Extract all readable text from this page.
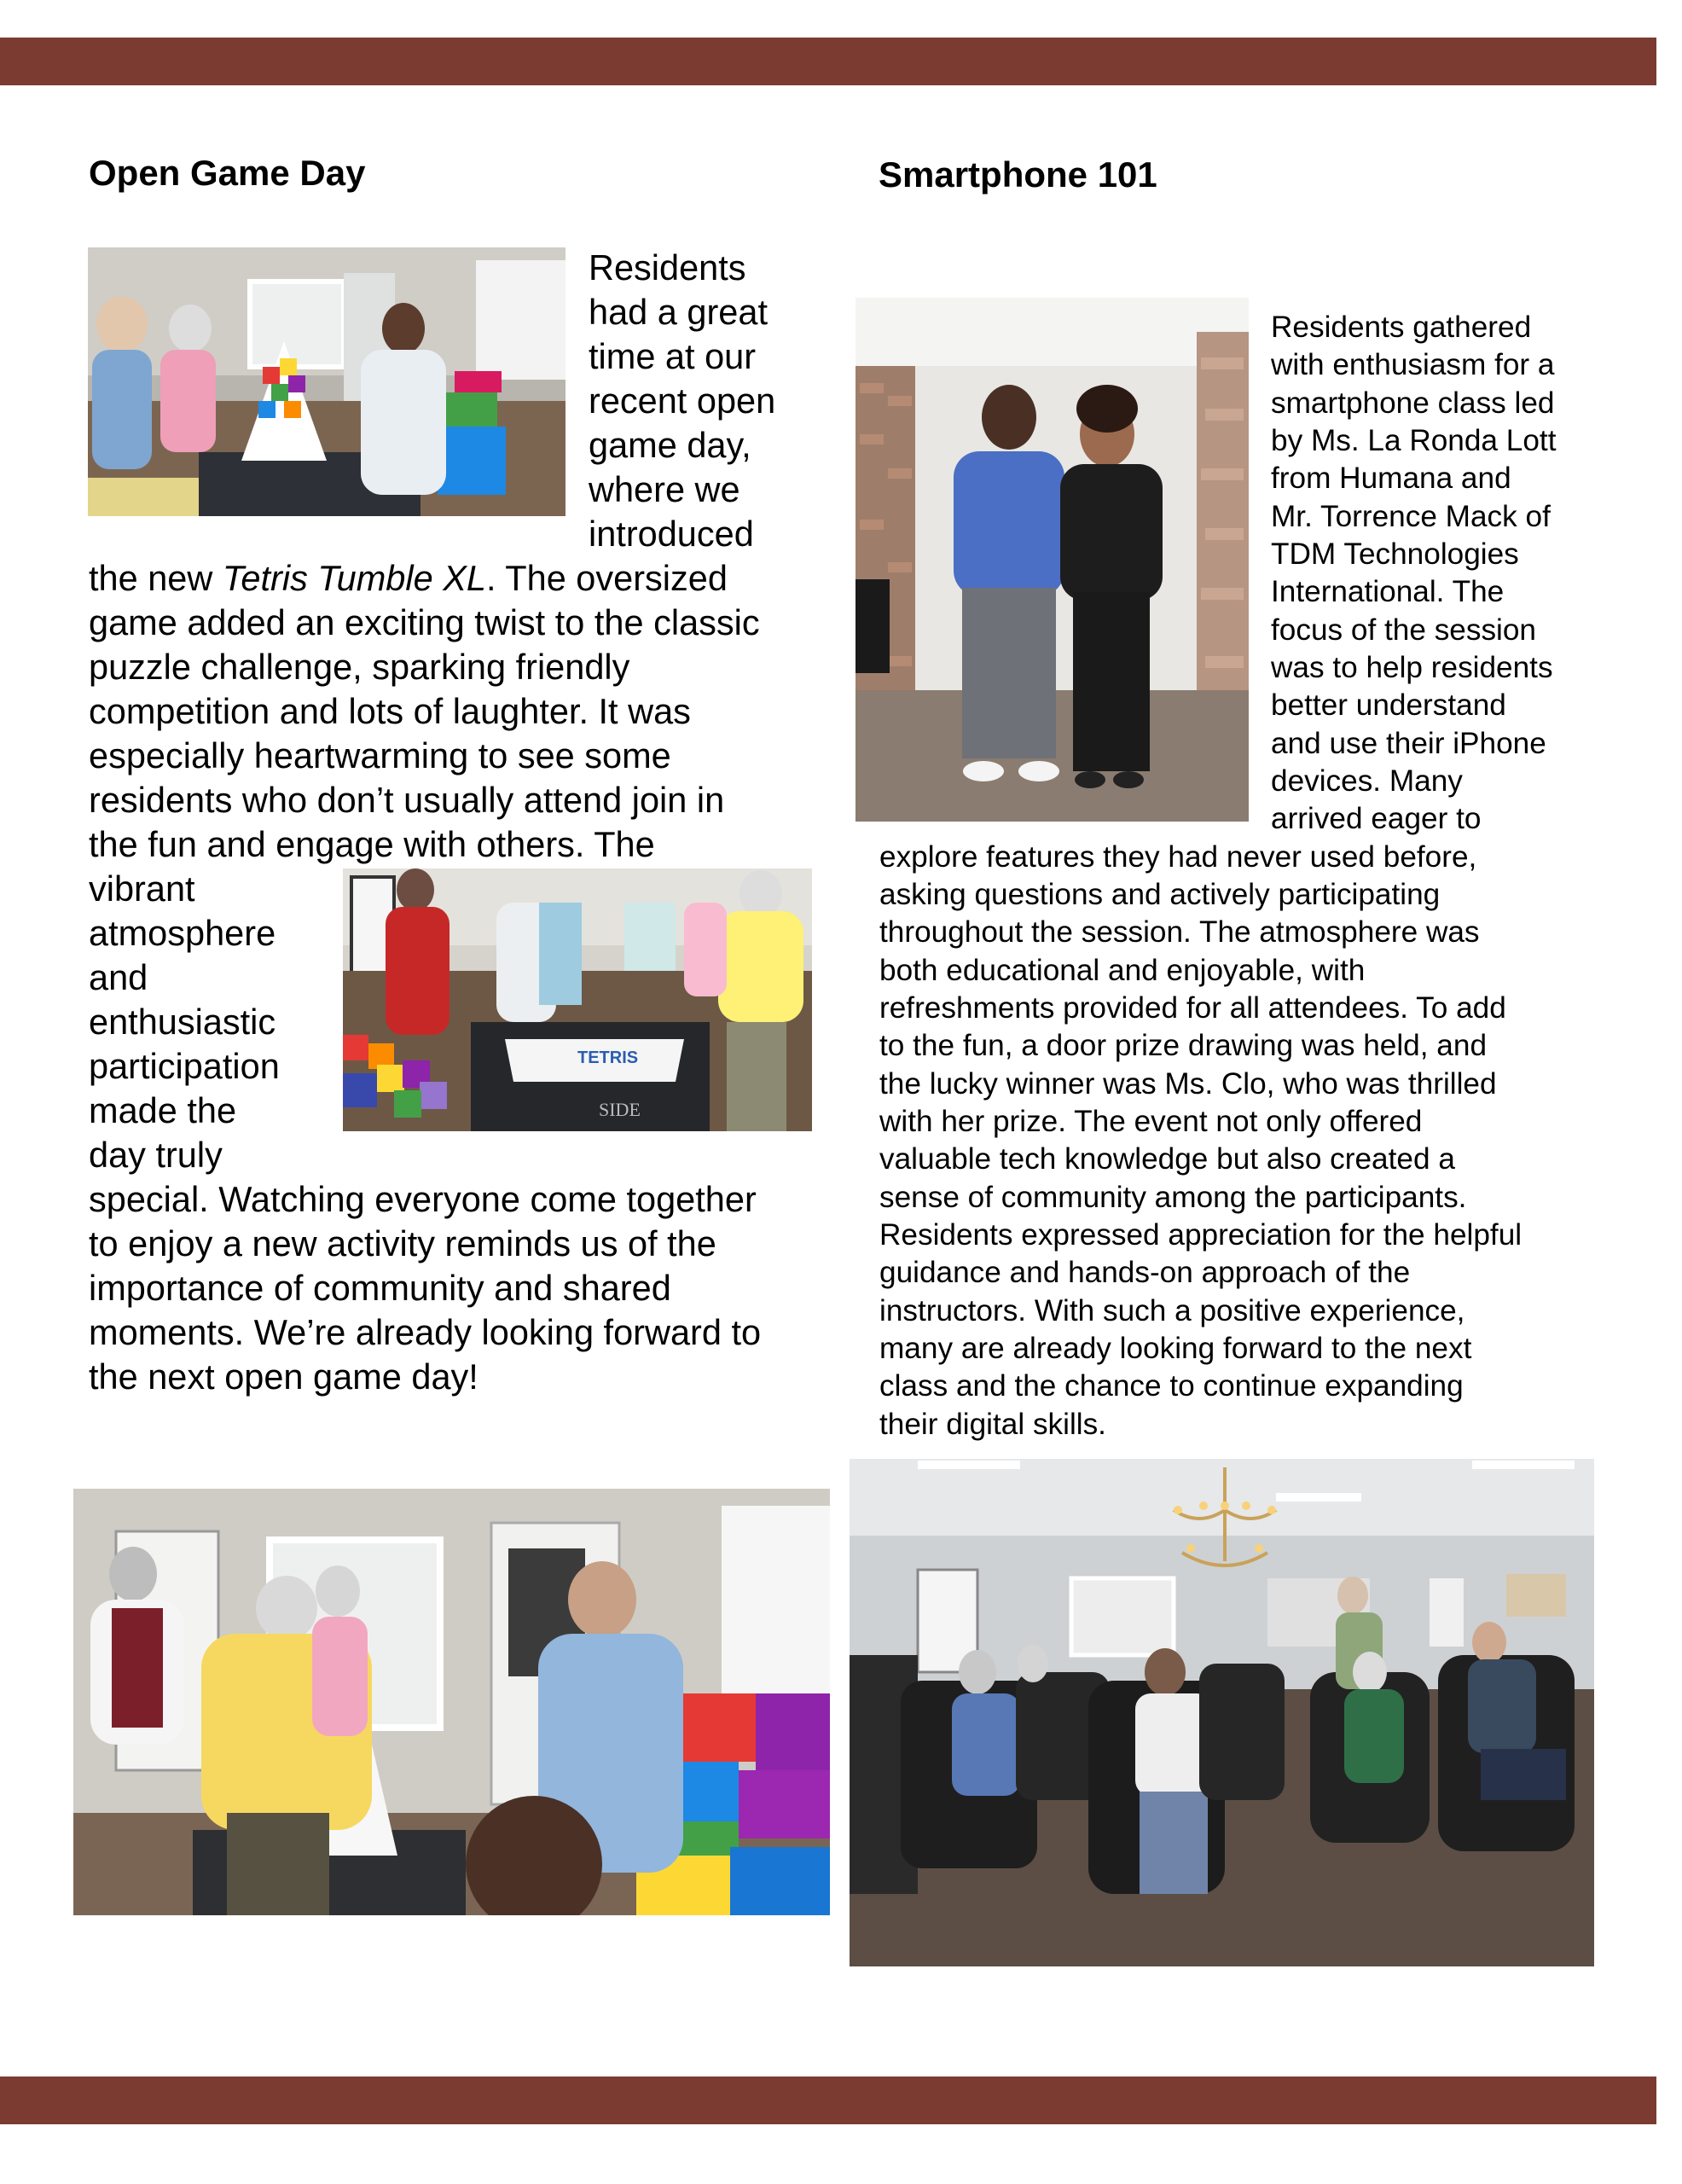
Open Game Day

Residents

had a great

time at our

recent open

game day,

where we

introduced

the new Tetris Tumble XL. The oversized

game added an exciting twist to the classic

puzzle challenge, sparking friendly

competition and lots of laughter. It was

especially heartwarming to see some

residents who don’t usually attend join in

the fun and engage with others. The

vibrant

atmosphere

and

enthusiastic

participation

made the

day truly

special. Watching everyone come together

to enjoy a new activity reminds us of the

importance of community and shared

moments. We’re already looking forward to

the next open game day!

TETRIS
SIDE
Smartphone 101

Residents gathered

with enthusiasm for a

smartphone class led

by Ms. La Ronda Lott

from Humana and

Mr. Torrence Mack of

TDM Technologies

International. The

focus of the session

was to help residents

better understand

and use their iPhone

devices. Many

arrived eager to

explore features they had never used before,

asking questions and actively participating

throughout the session. The atmosphere was

both educational and enjoyable, with

refreshments provided for all attendees. To add

to the fun, a door prize drawing was held, and

the lucky winner was Ms. Clo, who was thrilled

with her prize. The event not only offered

valuable tech knowledge but also created a

sense of community among the participants.

Residents expressed appreciation for the helpful

guidance and hands-on approach of the

instructors. With such a positive experience,

many are already looking forward to the next

class and the chance to continue expanding

their digital skills.
